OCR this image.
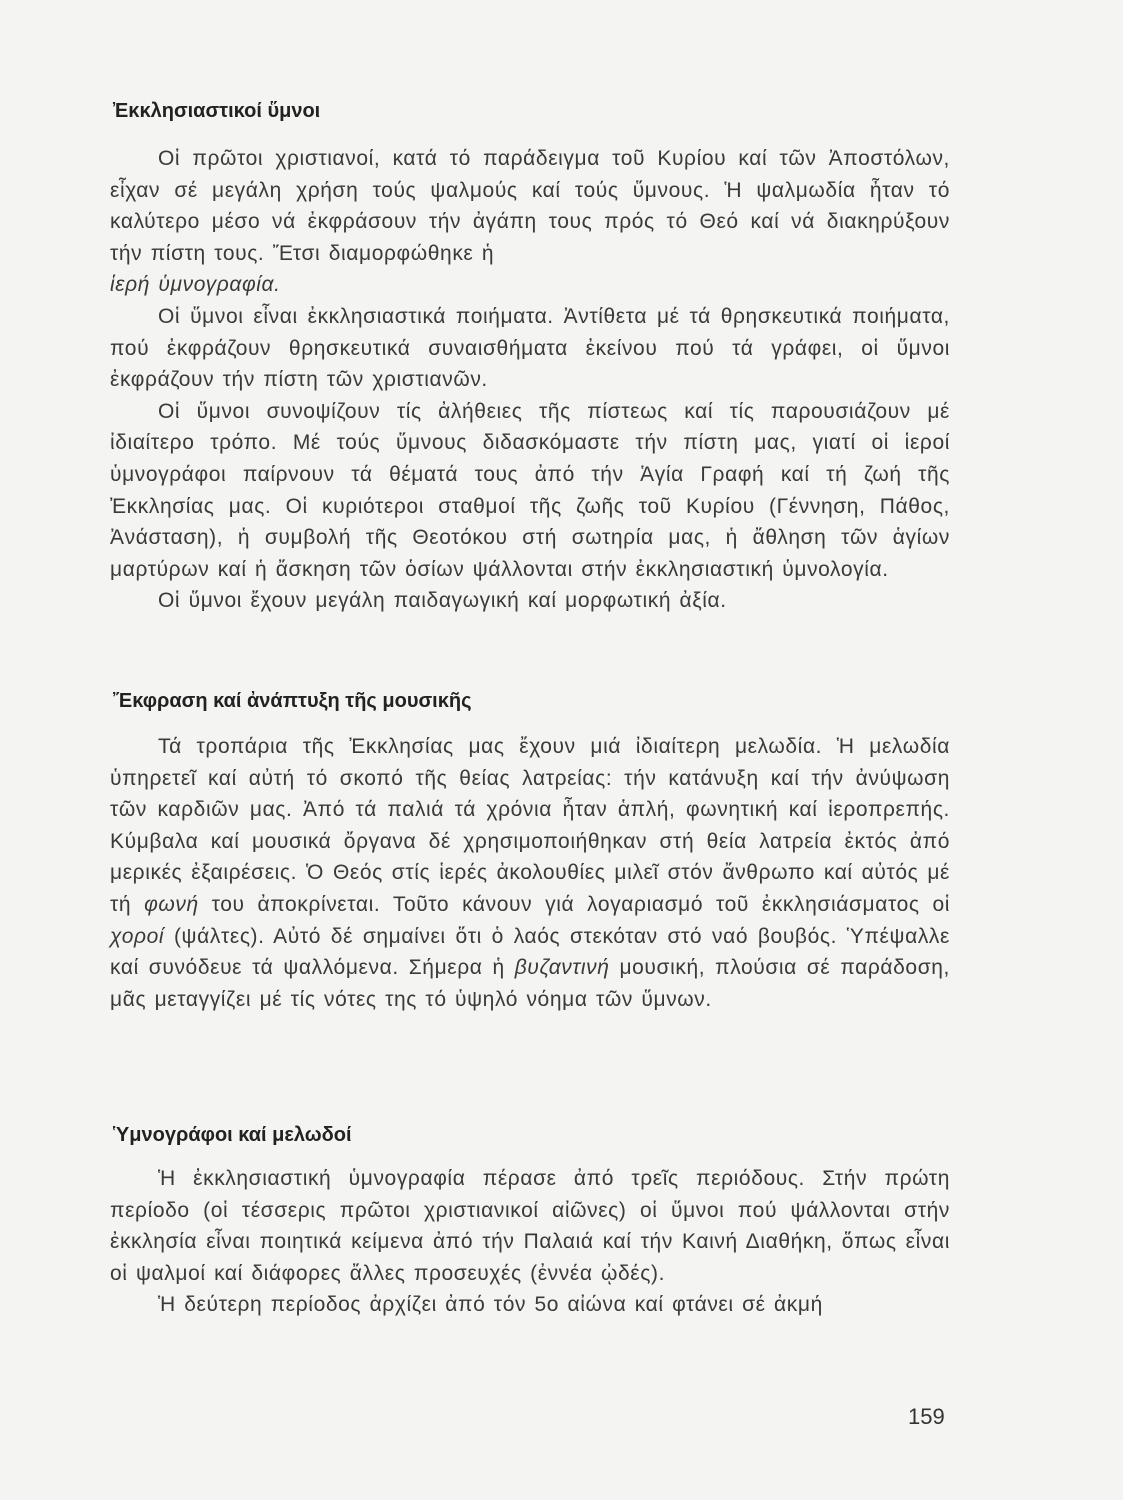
Ἐκκλησιαστικοί ὕμνοι

Οἱ πρῶτοι χριστιανοί, κατά τό παράδειγμα τοῦ Κυρίου καί τῶν Ἀποστόλων, εἶχαν σέ μεγάλη χρήση τούς ψαλμούς καί τούς ὕμνους. Ἡ ψαλμωδία ἦταν τό καλύτερο μέσο νά ἐκφράσουν τήν ἀγάπη τους πρός τό Θεό καί νά διακηρύξουν τήν πίστη τους. Ἔτσι διαμορφώθηκε ἡ
ἱερή ὑμνογραφία.

Οἱ ὕμνοι εἶναι ἐκκλησιαστικά ποιήματα. Ἀντίθετα μέ τά θρησκευτικά ποιήματα, πού ἐκφράζουν θρησκευτικά συναισθήματα ἐκείνου πού τά γράφει, οἱ ὕμνοι ἐκφράζουν τήν πίστη τῶν χριστιανῶν.

Οἱ ὕμνοι συνοψίζουν τίς ἀλήθειες τῆς πίστεως καί τίς παρουσιάζουν μέ ἰδιαίτερο τρόπο. Μέ τούς ὕμνους διδασκόμαστε τήν πίστη μας, γιατί οἱ ἱεροί ὑμνογράφοι παίρνουν τά θέματά τους ἀπό τήν Ἁγία Γραφή καί τή ζωή τῆς Ἐκκλησίας μας. Οἱ κυριότεροι σταθμοί τῆς ζωῆς τοῦ Κυρίου (Γέννηση, Πάθος, Ἀνάσταση), ἡ συμβολή τῆς Θεοτόκου στή σωτηρία μας, ἡ ἄθληση τῶν ἁγίων μαρτύρων καί ἡ ἄσκηση τῶν ὁσίων ψάλλονται στήν ἐκκλησιαστική ὑμνολογία.

Οἱ ὕμνοι ἔχουν μεγάλη παιδαγωγική καί μορφωτική ἀξία.

Ἔκφραση καί ἀνάπτυξη τῆς μουσικῆς

Τά τροπάρια τῆς Ἐκκλησίας μας ἔχουν μιά ἰδιαίτερη μελωδία. Ἡ μελωδία ὑπηρετεῖ καί αὐτή τό σκοπό τῆς θείας λατρείας: τήν κατάνυξη καί τήν ἀνύψωση τῶν καρδιῶν μας. Ἀπό τά παλιά τά χρόνια ἦταν ἁπλή, φωνητική καί ἱεροπρεπής. Κύμβαλα καί μουσικά ὄργανα δέ χρησιμοποιήθηκαν στή θεία λατρεία ἐκτός ἀπό μερικές ἐξαιρέσεις. Ὁ Θεός στίς ἱερές ἀκολουθίες μιλεῖ στόν ἄνθρωπο καί αὐτός μέ τή φωνή του ἀποκρίνεται. Τοῦτο κάνουν γιά λογαριασμό τοῦ ἐκκλησιάσματος οἱ χοροί (ψάλτες). Αὐτό δέ σημαίνει ὅτι ὁ λαός στεκόταν στό ναό βουβός. Ὑπέψαλλε καί συνόδευε τά ψαλλόμενα. Σήμερα ἡ βυζαντινή μουσική, πλούσια σέ παράδοση, μᾶς μεταγγίζει μέ τίς νότες της τό ὑψηλό νόημα τῶν ὕμνων.

Ὑμνογράφοι καί μελωδοί

Ἡ ἐκκλησιαστική ὑμνογραφία πέρασε ἀπό τρεῖς περιόδους. Στήν πρώτη περίοδο (οἱ τέσσερις πρῶτοι χριστιανικοί αἰῶνες) οἱ ὕμνοι πού ψάλλονται στήν ἐκκλησία εἶναι ποιητικά κείμενα ἀπό τήν Παλαιά καί τήν Καινή Διαθήκη, ὅπως εἶναι οἱ ψαλμοί καί διάφορες ἄλλες προσευχές (ἐννέα ᾠδές).

Ἡ δεύτερη περίοδος ἀρχίζει ἀπό τόν 5ο αἰώνα καί φτάνει σέ ἀκμή

159
